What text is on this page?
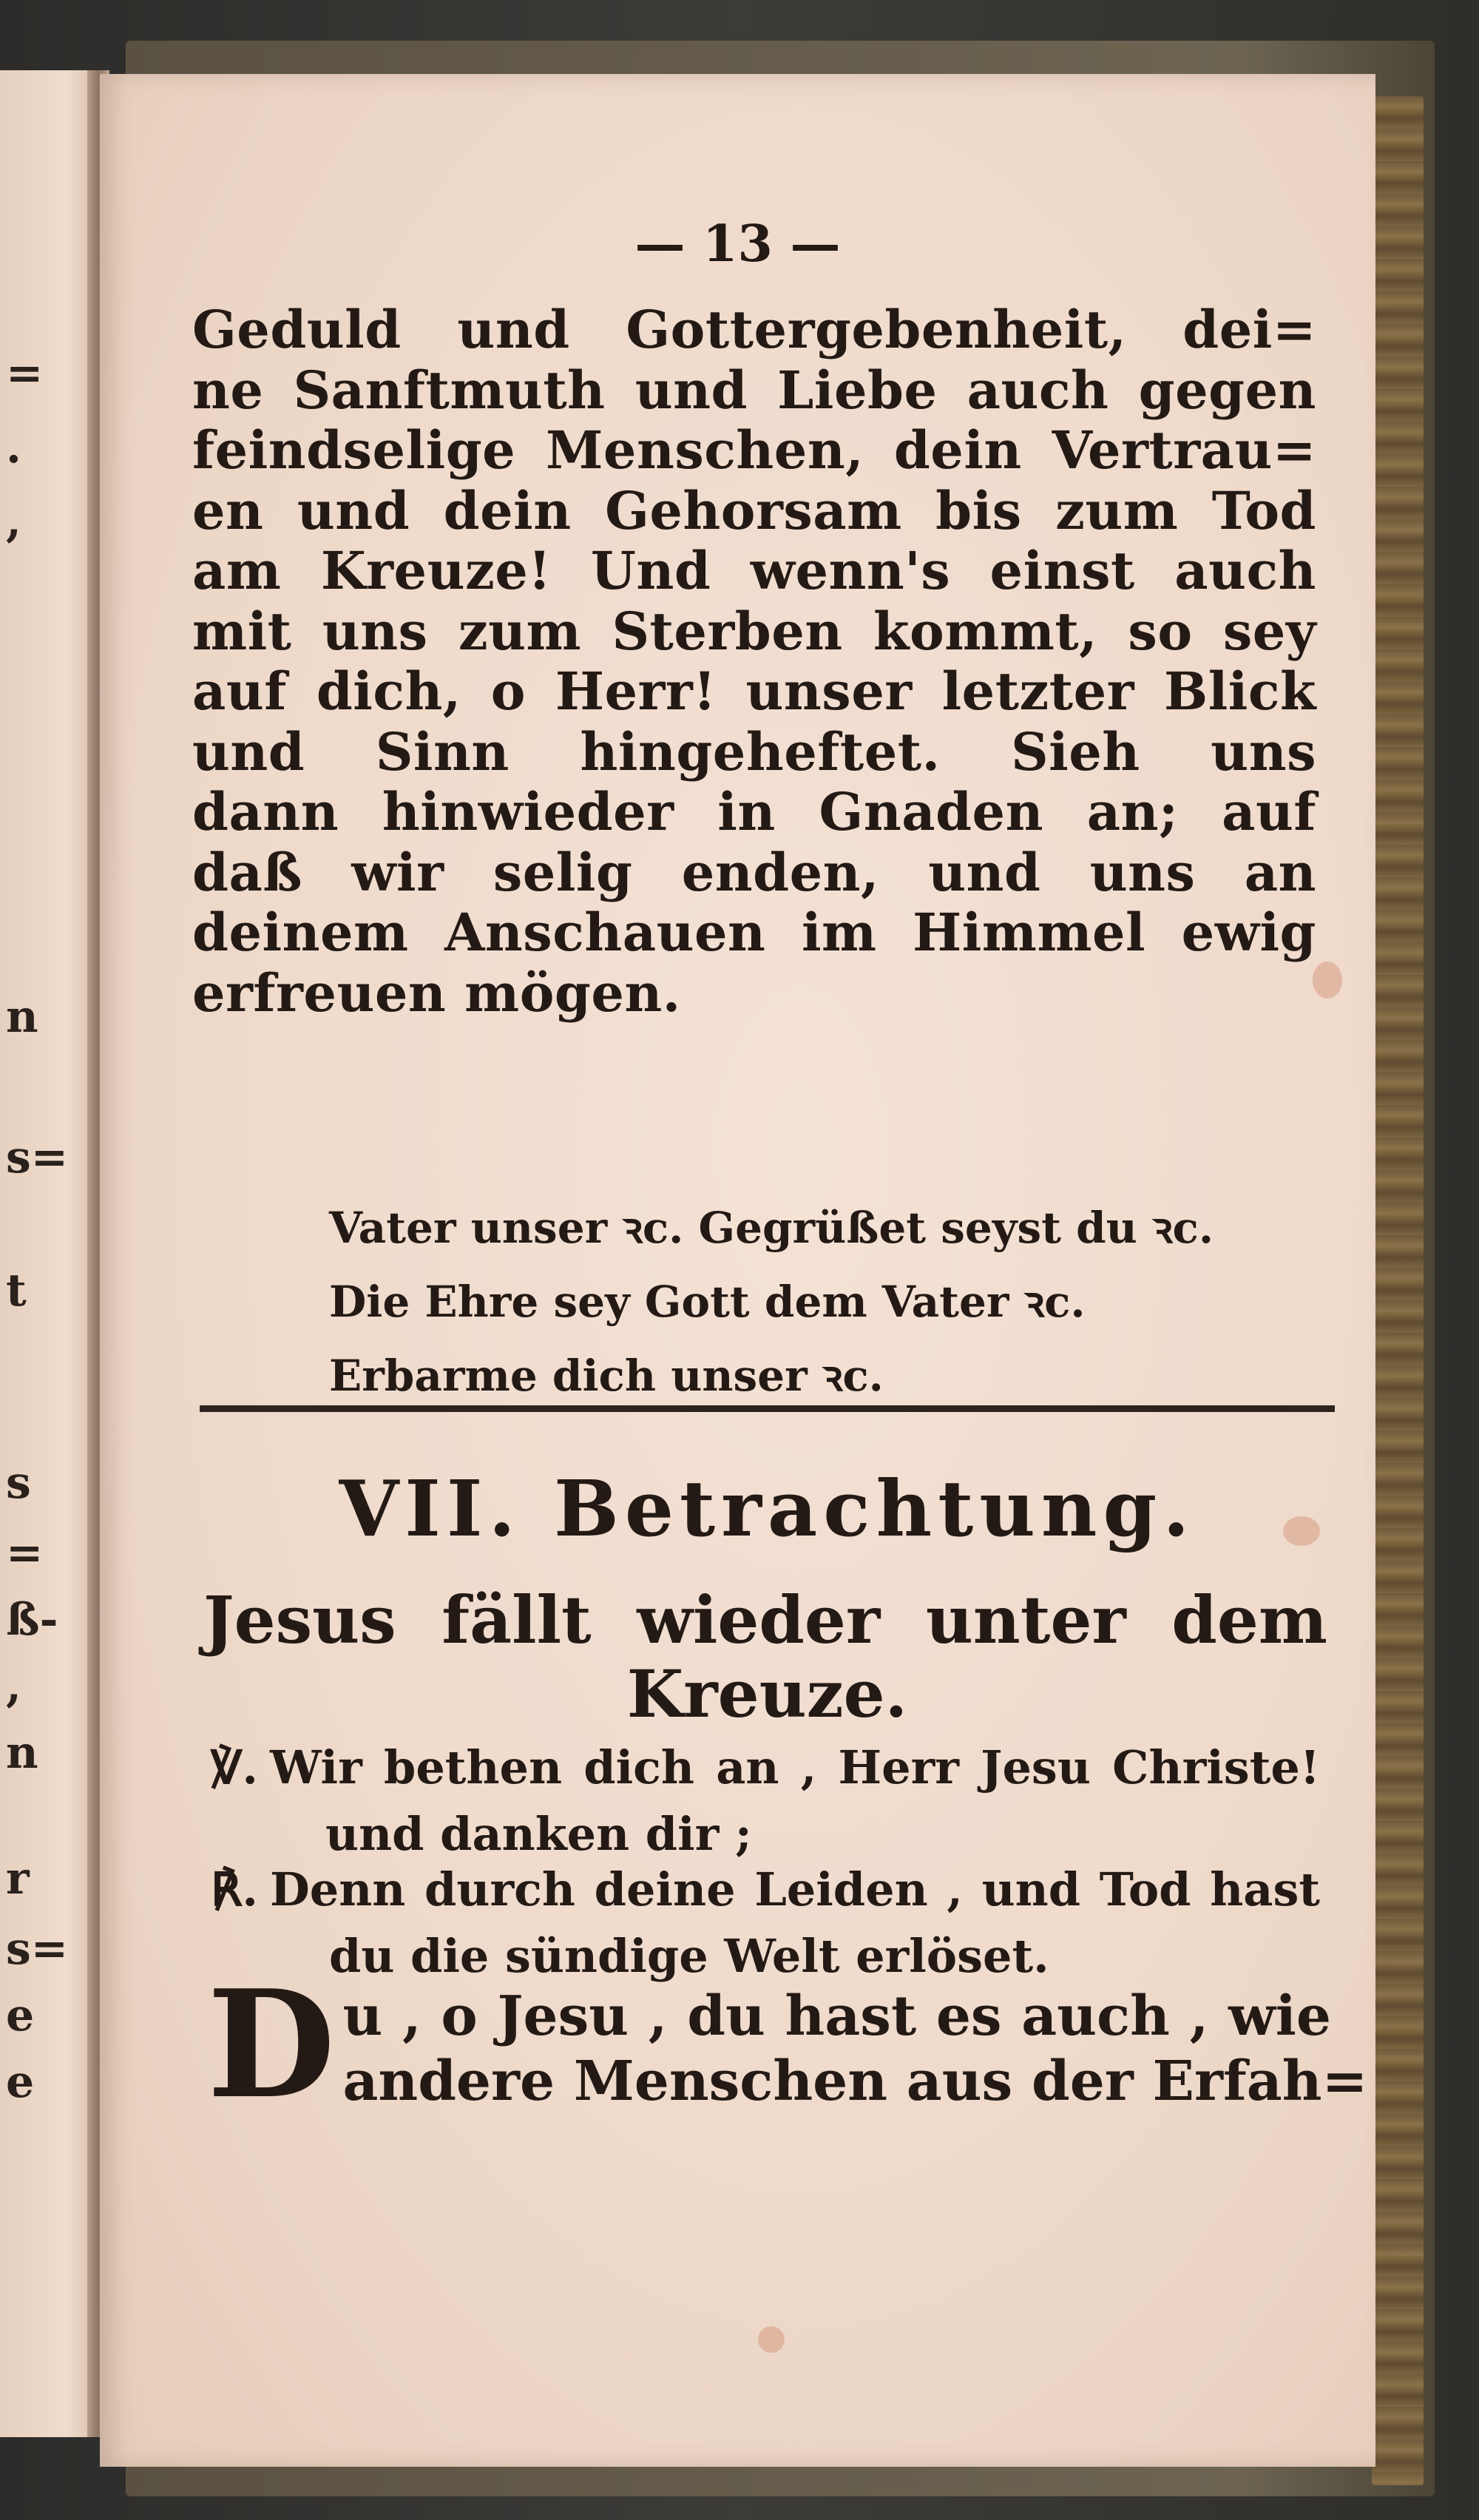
=
.
,
n
s=
t
s
=
ß-
,
n
r
s=
e
e
— 13 —
Geduld und Gottergebenheit, dei=
ne Sanftmuth und Liebe auch gegen
feindselige Menschen, dein Vertrau=
en und dein Gehorsam bis zum Tod
am Kreuze! Und wenn's einst auch
mit uns zum Sterben kommt, so sey
auf dich, o Herr! unser letzter Blick
und Sinn hingeheftet. Sieh uns
dann hinwieder in Gnaden an; auf
daß wir selig enden, und uns an
deinem Anschauen im Himmel ewig
erfreuen mögen.
Vater unser ꝛc. Gegrüßet seyst du ꝛc.
Die Ehre sey Gott dem Vater ꝛc.
Erbarme dich unser ꝛc.
VII. Betrachtung.
Jesus fällt wieder unter dem
Kreuze.
℣. Wir bethen dich an , Herr Jesu Christe!
und danken dir ;
℟. Denn durch deine Leiden , und Tod hast
du die sündige Welt erlöset.
D u , o Jesu , du hast es auch , wie
andere Menschen aus der Erfah=
